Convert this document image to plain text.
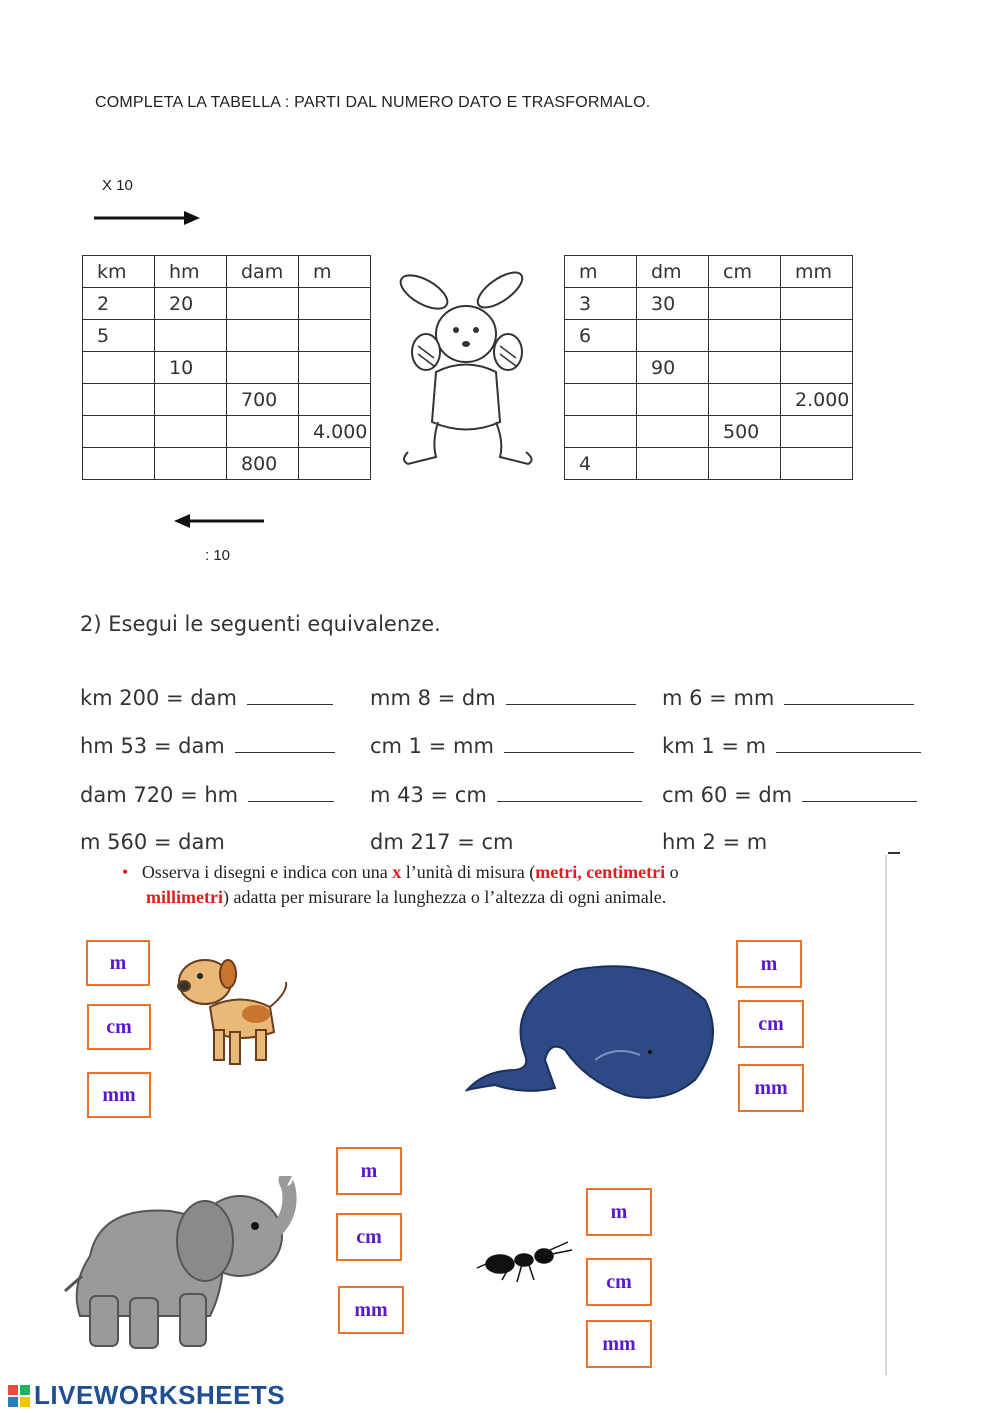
COMPLETA LA TABELLA : PARTI DAL NUMERO DATO E TRASFORMALO.
X 10
km	hm	dam	m
2	20		
5			
	10		
		700	
			4.000
		800	
m	dm	cm	mm
3	30		
6			
	90		
			2.000
		500	
4			
: 10
2) Esegui le seguenti equivalenze.
km 200 = dam	mm 8 = dm	m 6 = mm
hm 53 = dam	cm 1 = mm	km 1 = m
dam 720 = hm	m 43 = cm	cm 60 = dm
m 560 = dam	dm 217 = cm	hm 2 = m
• Osserva i disegni e indica con una x l’unità di misura (metri, centimetri o
millimetri) adatta per misurare la lunghezza o l’altezza di ogni animale.
m
cm
mm
m
cm
mm
m
cm
mm
m
cm
mm
LIVEWORKSHEETS
